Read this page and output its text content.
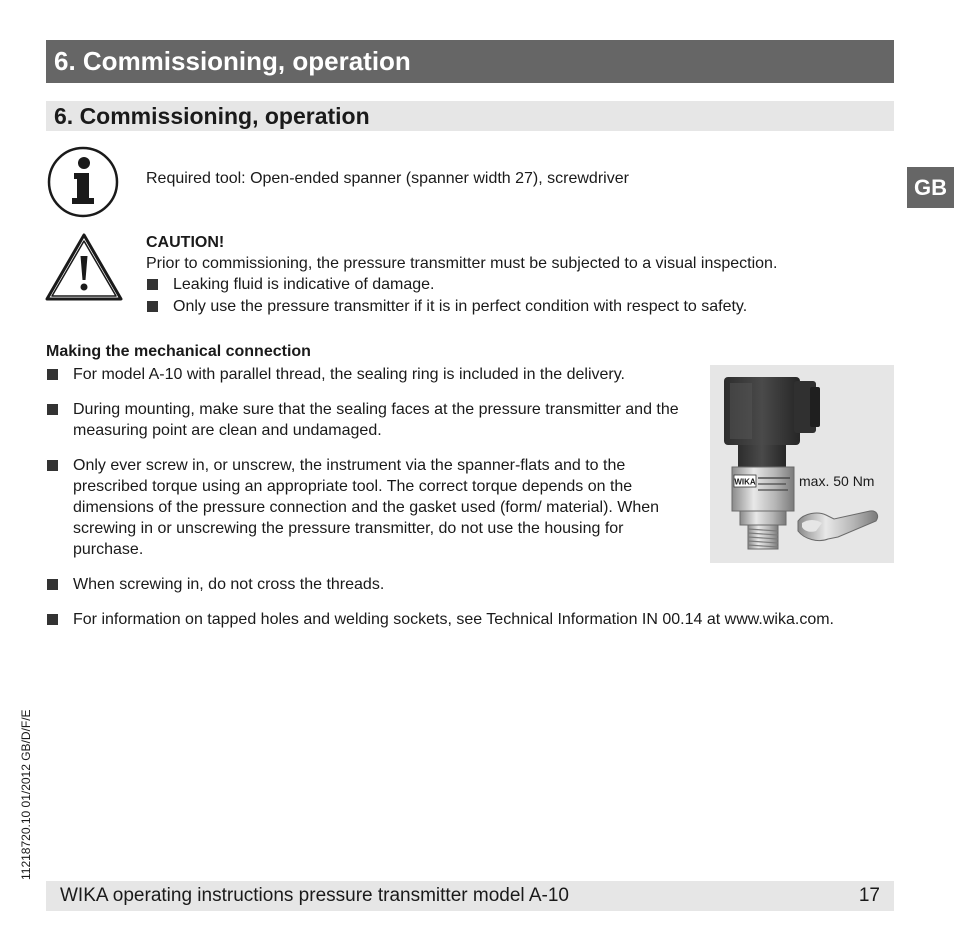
6. Commissioning, operation
6. Commissioning, operation
GB
Required tool: Open-ended spanner (spanner width 27), screwdriver
CAUTION!
Prior to commissioning, the pressure transmitter must be subjected to a visual inspection.
Leaking fluid is indicative of damage.
Only use the pressure transmitter if it is in perfect condition with respect to safety.
Making the mechanical connection
For model A-10 with parallel thread, the sealing ring is included in the delivery.
During mounting, make sure that the sealing faces at the pressure transmitter and the measuring point are clean and undamaged.
Only ever screw in, or unscrew, the instrument via the spanner-flats and to the prescribed torque using an appropriate tool. The correct torque depends on the dimensions of the pressure connection and the gasket used (form/ material). When screwing in or unscrewing the pressure transmitter, do not use the housing for purchase.
When screwing in, do not cross the threads.
For information on tapped holes and welding sockets, see Technical Information IN 00.14 at www.wika.com.
WIKA	max. 50 Nm
11218720.10 01/2012 GB/D/F/E
WIKA operating instructions pressure transmitter model A-10	17
